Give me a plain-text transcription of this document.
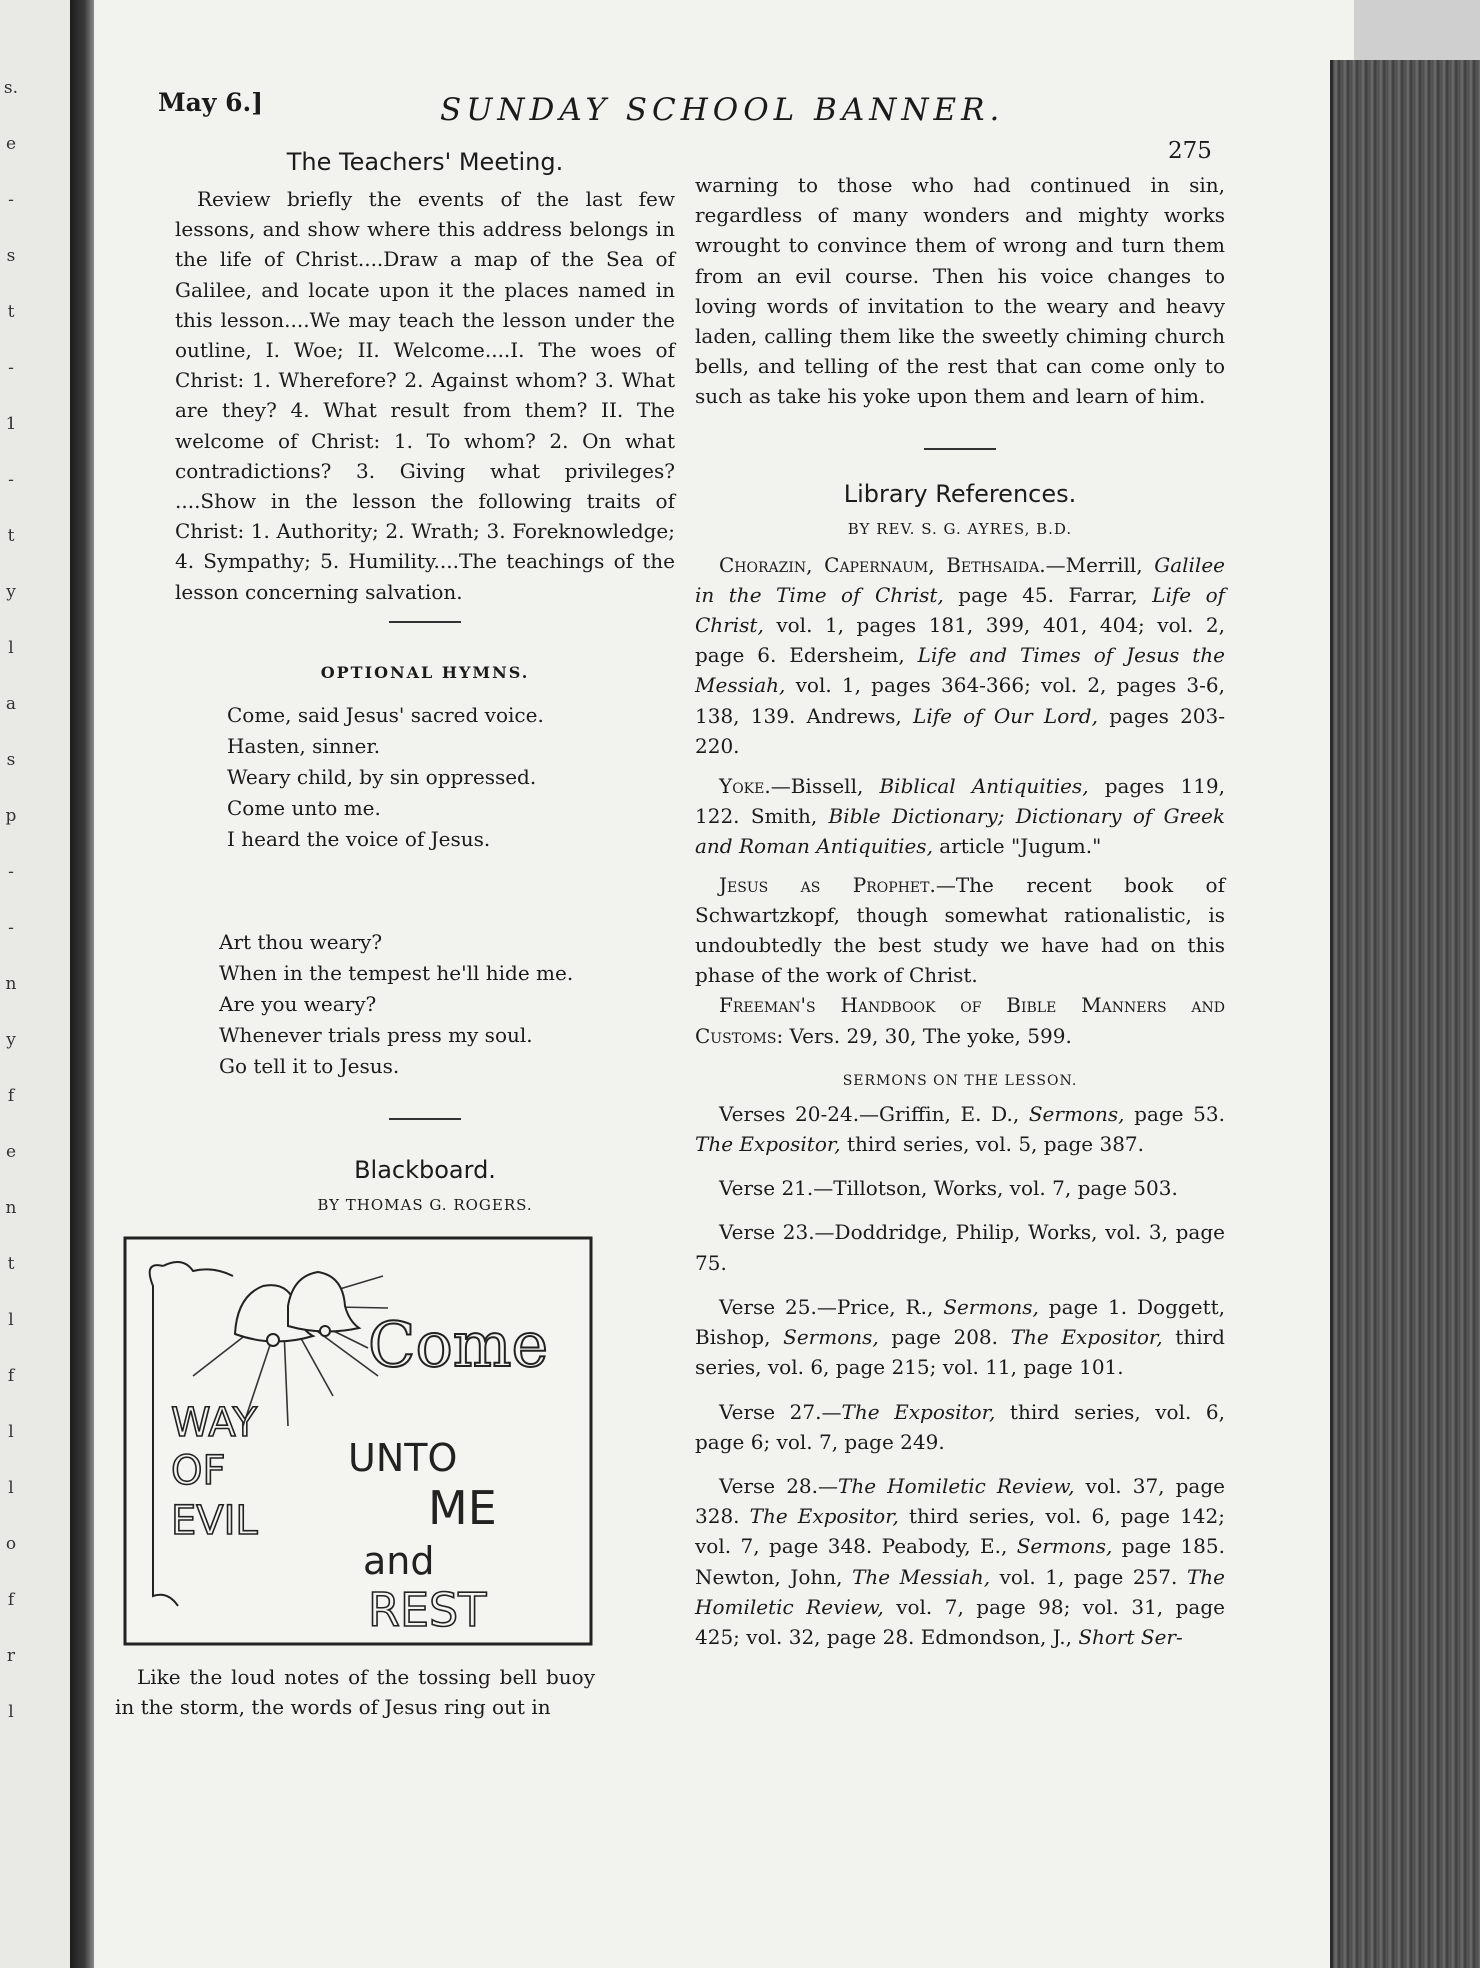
s.
e
-
s
t
-
1
-
t
y
l
a
s
p
-
-
n
y
f
e
n
t
l
f
l
l
o
f
r
l
May 6.]	SUNDAY SCHOOL BANNER.
275
The Teachers' Meeting.

Review briefly the events of the last few lessons, and show where this address belongs in the life of Christ....Draw a map of the Sea of Galilee, and locate upon it the places named in this lesson....We may teach the lesson under the outline, I. Woe; II. Welcome....I. The woes of Christ: 1. Wherefore? 2. Against whom? 3. What are they? 4. What result from them? II. The welcome of Christ: 1. To whom? 2. On what contradictions? 3. Giving what privileges? ....Show in the lesson the following traits of Christ: 1. Authority; 2. Wrath; 3. Foreknowledge; 4. Sympathy; 5. Humility....The teachings of the lesson concerning salvation.

OPTIONAL HYMNS.

Come, said Jesus' sacred voice.

Hasten, sinner.

Weary child, by sin oppressed.

Come unto me.

I heard the voice of Jesus.

Art thou weary?

When in the tempest he'll hide me.

Are you weary?

Whenever trials press my soul.

Go tell it to Jesus.

Blackboard.

BY THOMAS G. ROGERS.

Come
WAY
OF
EVIL
UNTO
ME
and
REST

Like the loud notes of the tossing bell buoy in the storm, the words of Jesus ring out in

warning to those who had continued in sin, regardless of many wonders and mighty works wrought to convince them of wrong and turn them from an evil course. Then his voice changes to loving words of invitation to the weary and heavy laden, calling them like the sweetly chiming church bells, and telling of the rest that can come only to such as take his yoke upon them and learn of him.

Library References.

BY REV. S. G. AYRES, B.D.

Chorazin, Capernaum, Bethsaida.—Merrill, Galilee in the Time of Christ, page 45. Farrar, Life of Christ, vol. 1, pages 181, 399, 401, 404; vol. 2, page 6. Edersheim, Life and Times of Jesus the Messiah, vol. 1, pages 364-366; vol. 2, pages 3-6, 138, 139. Andrews, Life of Our Lord, pages 203-220.

Yoke.—Bissell, Biblical Antiquities, pages 119, 122. Smith, Bible Dictionary; Dictionary of Greek and Roman Antiquities, article "Jugum."

Jesus as Prophet.—The recent book of Schwartzkopf, though somewhat rationalistic, is undoubtedly the best study we have had on this phase of the work of Christ.

Freeman's Handbook of Bible Manners and Customs: Vers. 29, 30, The yoke, 599.

SERMONS ON THE LESSON.

Verses 20-24.—Griffin, E. D., Sermons, page 53. The Expositor, third series, vol. 5, page 387.

Verse 21.—Tillotson, Works, vol. 7, page 503.

Verse 23.—Doddridge, Philip, Works, vol. 3, page 75.

Verse 25.—Price, R., Sermons, page 1. Doggett, Bishop, Sermons, page 208. The Expositor, third series, vol. 6, page 215; vol. 11, page 101.

Verse 27.—The Expositor, third series, vol. 6, page 6; vol. 7, page 249.

Verse 28.—The Homiletic Review, vol. 37, page 328. The Expositor, third series, vol. 6, page 142; vol. 7, page 348. Peabody, E., Sermons, page 185. Newton, John, The Messiah, vol. 1, page 257. The Homiletic Review, vol. 7, page 98; vol. 31, page 425; vol. 32, page 28. Edmondson, J., Short Ser-
